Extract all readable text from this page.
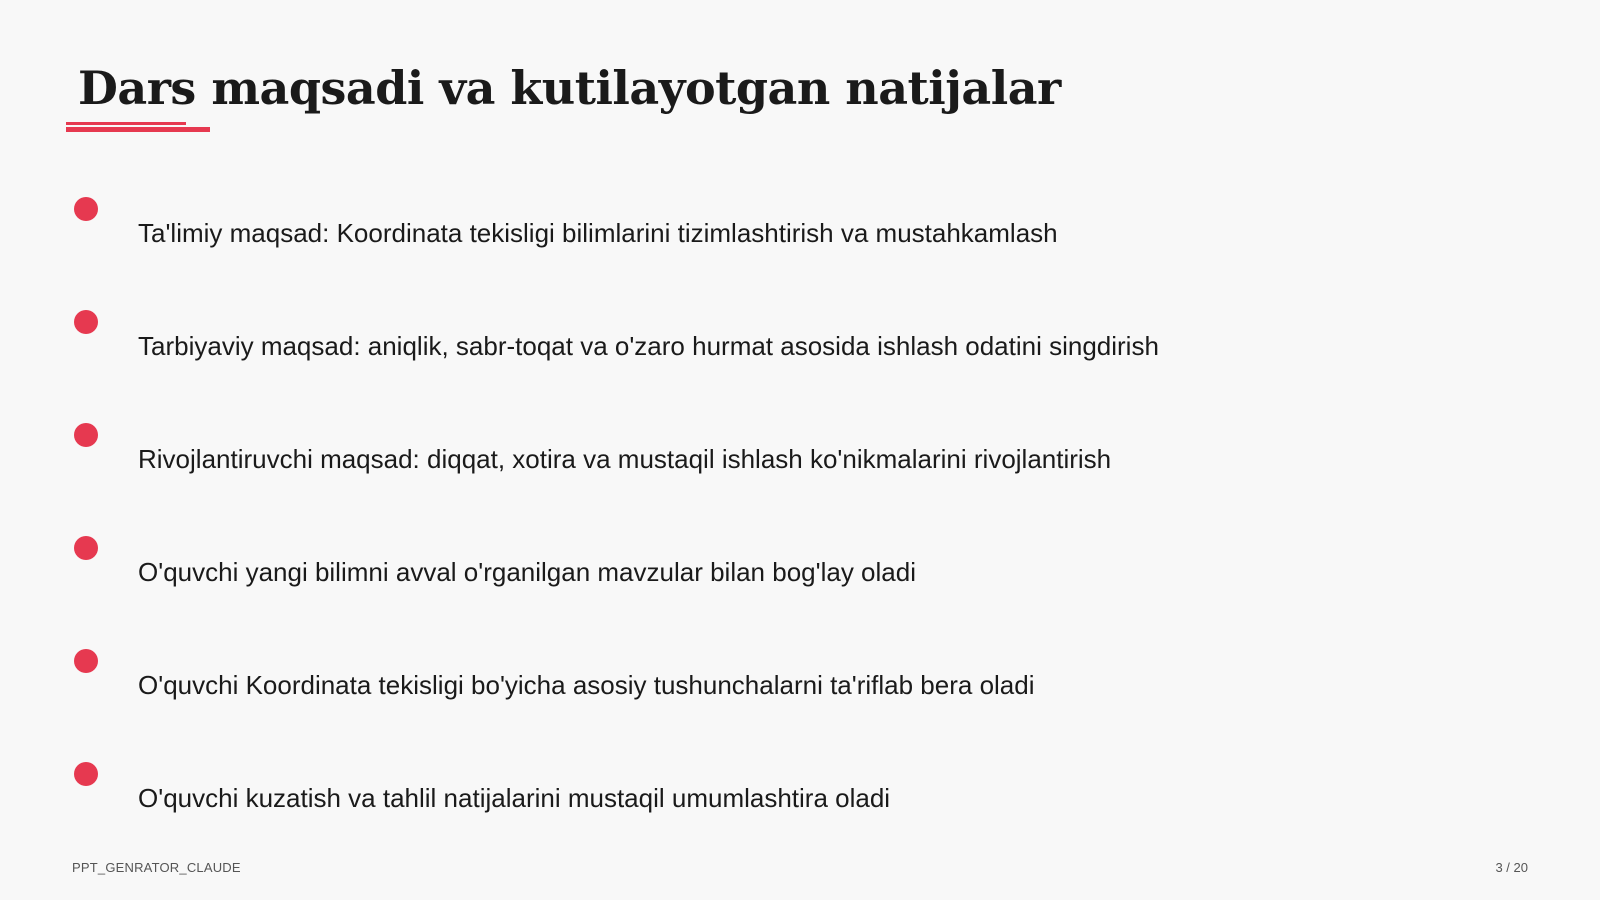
Dars maqsadi va kutilayotgan natijalar
Ta'limiy maqsad: Koordinata tekisligi bilimlarini tizimlashtirish va mustahkamlash
Tarbiyaviy maqsad: aniqlik, sabr-toqat va o'zaro hurmat asosida ishlash odatini singdirish
Rivojlantiruvchi maqsad: diqqat, xotira va mustaqil ishlash ko'nikmalarini rivojlantirish
O'quvchi yangi bilimni avval o'rganilgan mavzular bilan bog'lay oladi
O'quvchi Koordinata tekisligi bo'yicha asosiy tushunchalarni ta'riflab bera oladi
O'quvchi kuzatish va tahlil natijalarini mustaqil umumlashtira oladi
PPT_GENRATOR_CLAUDE	3 / 20
